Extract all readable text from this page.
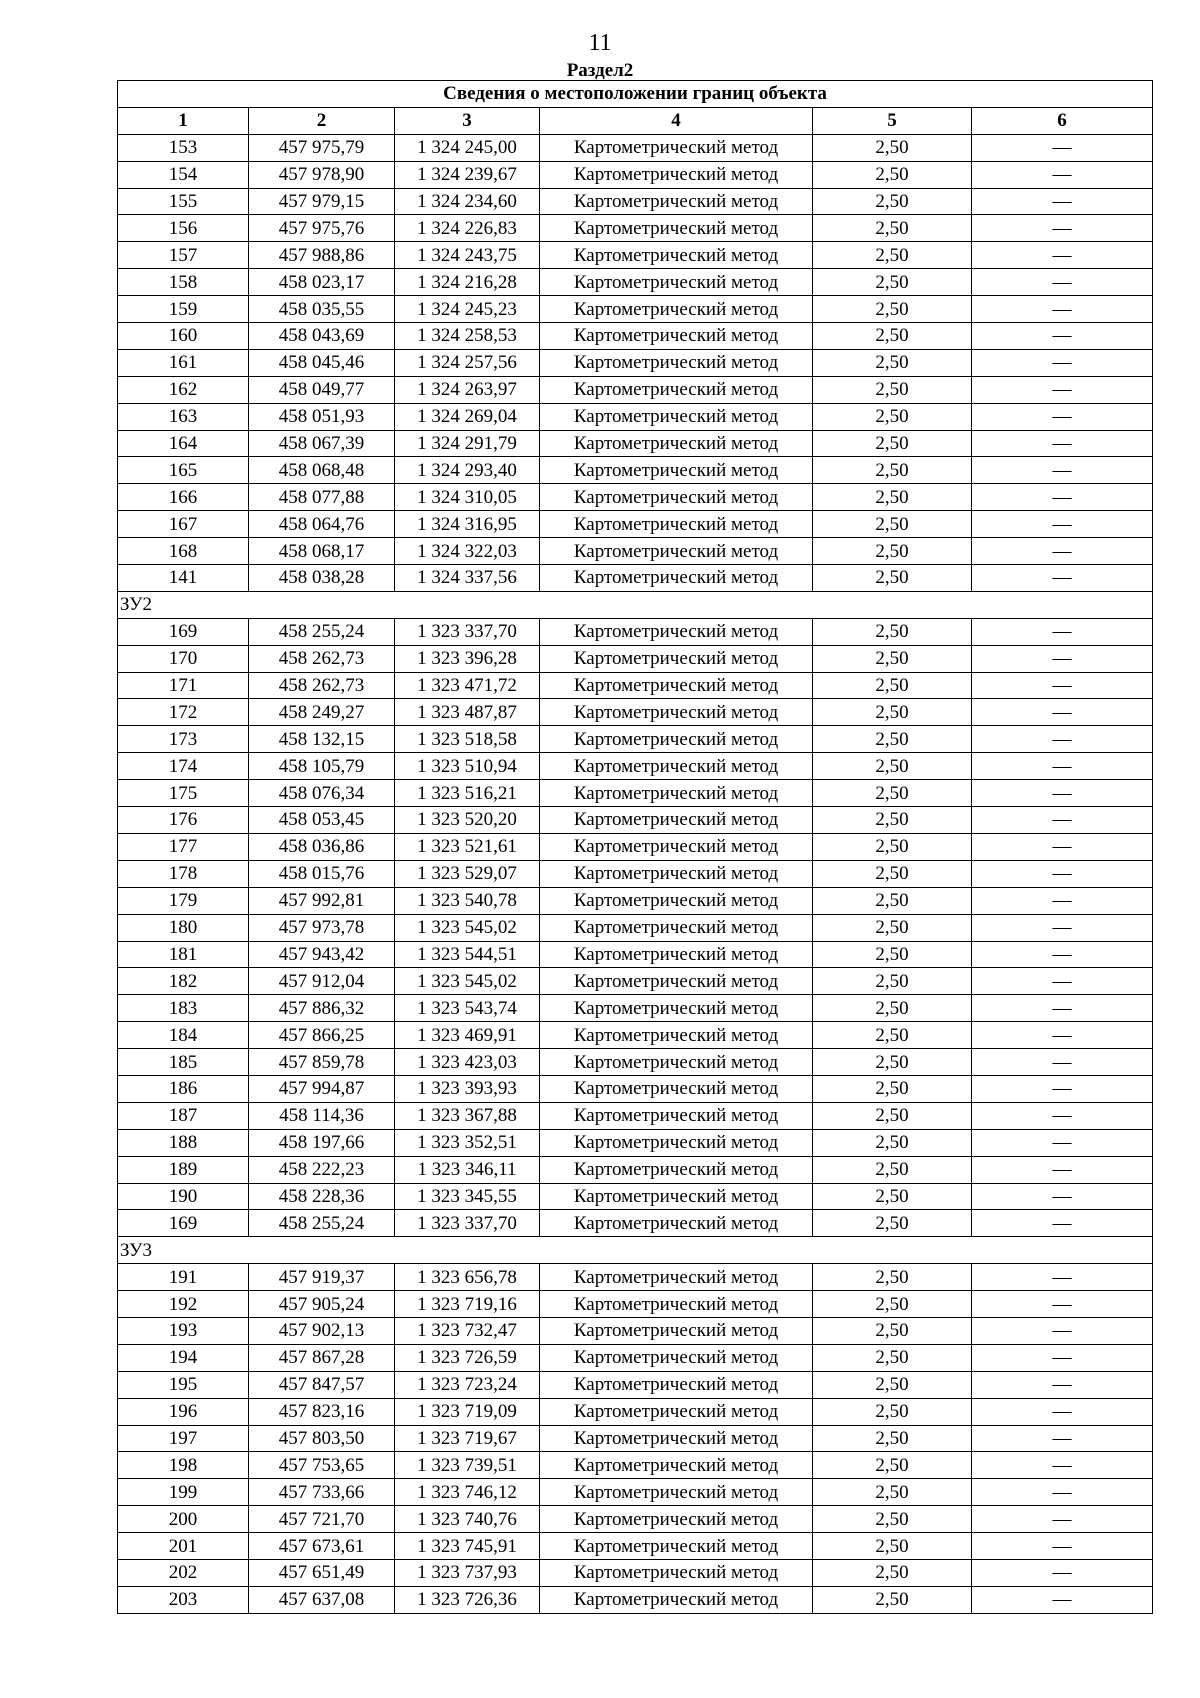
11
Раздел2
Сведения о местоположении границ объекта					
1	2	3	4	5	6
153	457 975,79	1 324 245,00	Картометрический метод	2,50	—
154	457 978,90	1 324 239,67	Картометрический метод	2,50	—
155	457 979,15	1 324 234,60	Картометрический метод	2,50	—
156	457 975,76	1 324 226,83	Картометрический метод	2,50	—
157	457 988,86	1 324 243,75	Картометрический метод	2,50	—
158	458 023,17	1 324 216,28	Картометрический метод	2,50	—
159	458 035,55	1 324 245,23	Картометрический метод	2,50	—
160	458 043,69	1 324 258,53	Картометрический метод	2,50	—
161	458 045,46	1 324 257,56	Картометрический метод	2,50	—
162	458 049,77	1 324 263,97	Картометрический метод	2,50	—
163	458 051,93	1 324 269,04	Картометрический метод	2,50	—
164	458 067,39	1 324 291,79	Картометрический метод	2,50	—
165	458 068,48	1 324 293,40	Картометрический метод	2,50	—
166	458 077,88	1 324 310,05	Картометрический метод	2,50	—
167	458 064,76	1 324 316,95	Картометрический метод	2,50	—
168	458 068,17	1 324 322,03	Картометрический метод	2,50	—
141	458 038,28	1 324 337,56	Картометрический метод	2,50	—
ЗУ2					
169	458 255,24	1 323 337,70	Картометрический метод	2,50	—
170	458 262,73	1 323 396,28	Картометрический метод	2,50	—
171	458 262,73	1 323 471,72	Картометрический метод	2,50	—
172	458 249,27	1 323 487,87	Картометрический метод	2,50	—
173	458 132,15	1 323 518,58	Картометрический метод	2,50	—
174	458 105,79	1 323 510,94	Картометрический метод	2,50	—
175	458 076,34	1 323 516,21	Картометрический метод	2,50	—
176	458 053,45	1 323 520,20	Картометрический метод	2,50	—
177	458 036,86	1 323 521,61	Картометрический метод	2,50	—
178	458 015,76	1 323 529,07	Картометрический метод	2,50	—
179	457 992,81	1 323 540,78	Картометрический метод	2,50	—
180	457 973,78	1 323 545,02	Картометрический метод	2,50	—
181	457 943,42	1 323 544,51	Картометрический метод	2,50	—
182	457 912,04	1 323 545,02	Картометрический метод	2,50	—
183	457 886,32	1 323 543,74	Картометрический метод	2,50	—
184	457 866,25	1 323 469,91	Картометрический метод	2,50	—
185	457 859,78	1 323 423,03	Картометрический метод	2,50	—
186	457 994,87	1 323 393,93	Картометрический метод	2,50	—
187	458 114,36	1 323 367,88	Картометрический метод	2,50	—
188	458 197,66	1 323 352,51	Картометрический метод	2,50	—
189	458 222,23	1 323 346,11	Картометрический метод	2,50	—
190	458 228,36	1 323 345,55	Картометрический метод	2,50	—
169	458 255,24	1 323 337,70	Картометрический метод	2,50	—
ЗУ3					
191	457 919,37	1 323 656,78	Картометрический метод	2,50	—
192	457 905,24	1 323 719,16	Картометрический метод	2,50	—
193	457 902,13	1 323 732,47	Картометрический метод	2,50	—
194	457 867,28	1 323 726,59	Картометрический метод	2,50	—
195	457 847,57	1 323 723,24	Картометрический метод	2,50	—
196	457 823,16	1 323 719,09	Картометрический метод	2,50	—
197	457 803,50	1 323 719,67	Картометрический метод	2,50	—
198	457 753,65	1 323 739,51	Картометрический метод	2,50	—
199	457 733,66	1 323 746,12	Картометрический метод	2,50	—
200	457 721,70	1 323 740,76	Картометрический метод	2,50	—
201	457 673,61	1 323 745,91	Картометрический метод	2,50	—
202	457 651,49	1 323 737,93	Картометрический метод	2,50	—
203	457 637,08	1 323 726,36	Картометрический метод	2,50	—
